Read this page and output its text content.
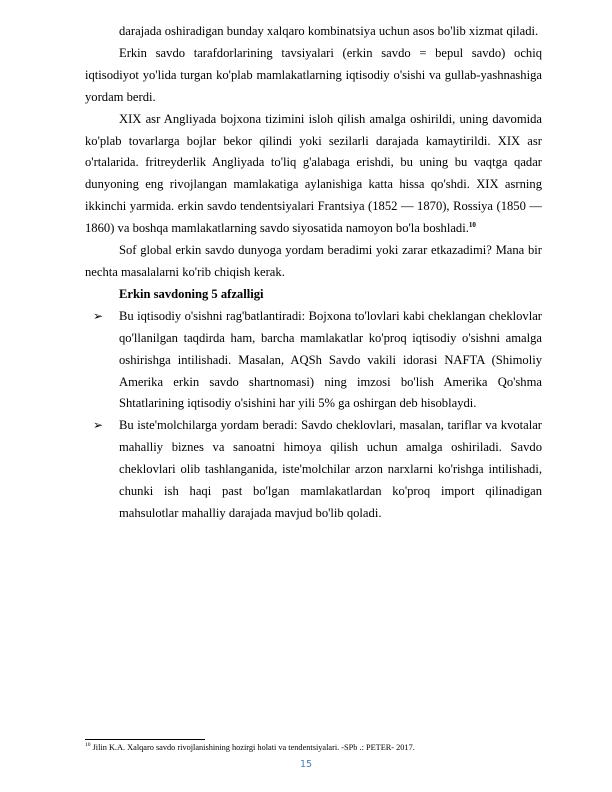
darajada oshiradigan bunday xalqaro kombinatsiya uchun asos bo'lib xizmat qiladi.

Erkin savdo tarafdorlarining tavsiyalari (erkin savdo = bepul savdo) ochiq iqtisodiyot yo'lida turgan ko'plab mamlakatlarning iqtisodiy o'sishi va gullab-yashnashiga yordam berdi.

XIX asr Angliyada bojxona tizimini isloh qilish amalga oshirildi, uning davomida ko'plab tovarlarga bojlar bekor qilindi yoki sezilarli darajada kamaytirildi. XIX asr o'rtalarida. fritreyderlik Angliyada to'liq g'alabaga erishdi, bu uning bu vaqtga qadar dunyoning eng rivojlangan mamlakatiga aylanishiga katta hissa qo'shdi. XIX asrning ikkinchi yarmida. erkin savdo tendentsiyalari Frantsiya (1852 — 1870), Rossiya (1850 — 1860) va boshqa mamlakatlarning savdo siyosatida namoyon bo'la boshladi.$^{10}$

Sof global erkin savdo dunyoga yordam beradimi yoki zarar etkazadimi? Mana bir nechta masalalarni ko'rib chiqish kerak.

Erkin savdoning 5 afzalligi

➢	Bu iqtisodiy o'sishni rag'batlantiradi: Bojxona to'lovlari kabi cheklangan cheklovlar qo'llanilgan taqdirda ham, barcha mamlakatlar ko'proq iqtisodiy o'sishni amalga oshirishga intilishadi. Masalan, AQSh Savdo vakili idorasi NAFTA (Shimoliy Amerika erkin savdo shartnomasi) ning imzosi bo'lish Amerika Qo'shma Shtatlarining iqtisodiy o'sishini har yili 5% ga oshirgan deb hisoblaydi.
➢	Bu iste'molchilarga yordam beradi: Savdo cheklovlari, masalan, tariflar va kvotalar mahalliy biznes va sanoatni himoya qilish uchun amalga oshiriladi. Savdo cheklovlari olib tashlanganida, iste'molchilar arzon narxlarni ko'rishga intilishadi, chunki ish haqi past bo'lgan mamlakatlardan ko'proq import qilinadigan mahsulotlar mahalliy darajada mavjud bo'lib qoladi.
$^{10}$ Jilin K.A. Xalqaro savdo rivojlanishining hozirgi holati va tendentsiyalari. -SPb .: PETER- 2017.
15
